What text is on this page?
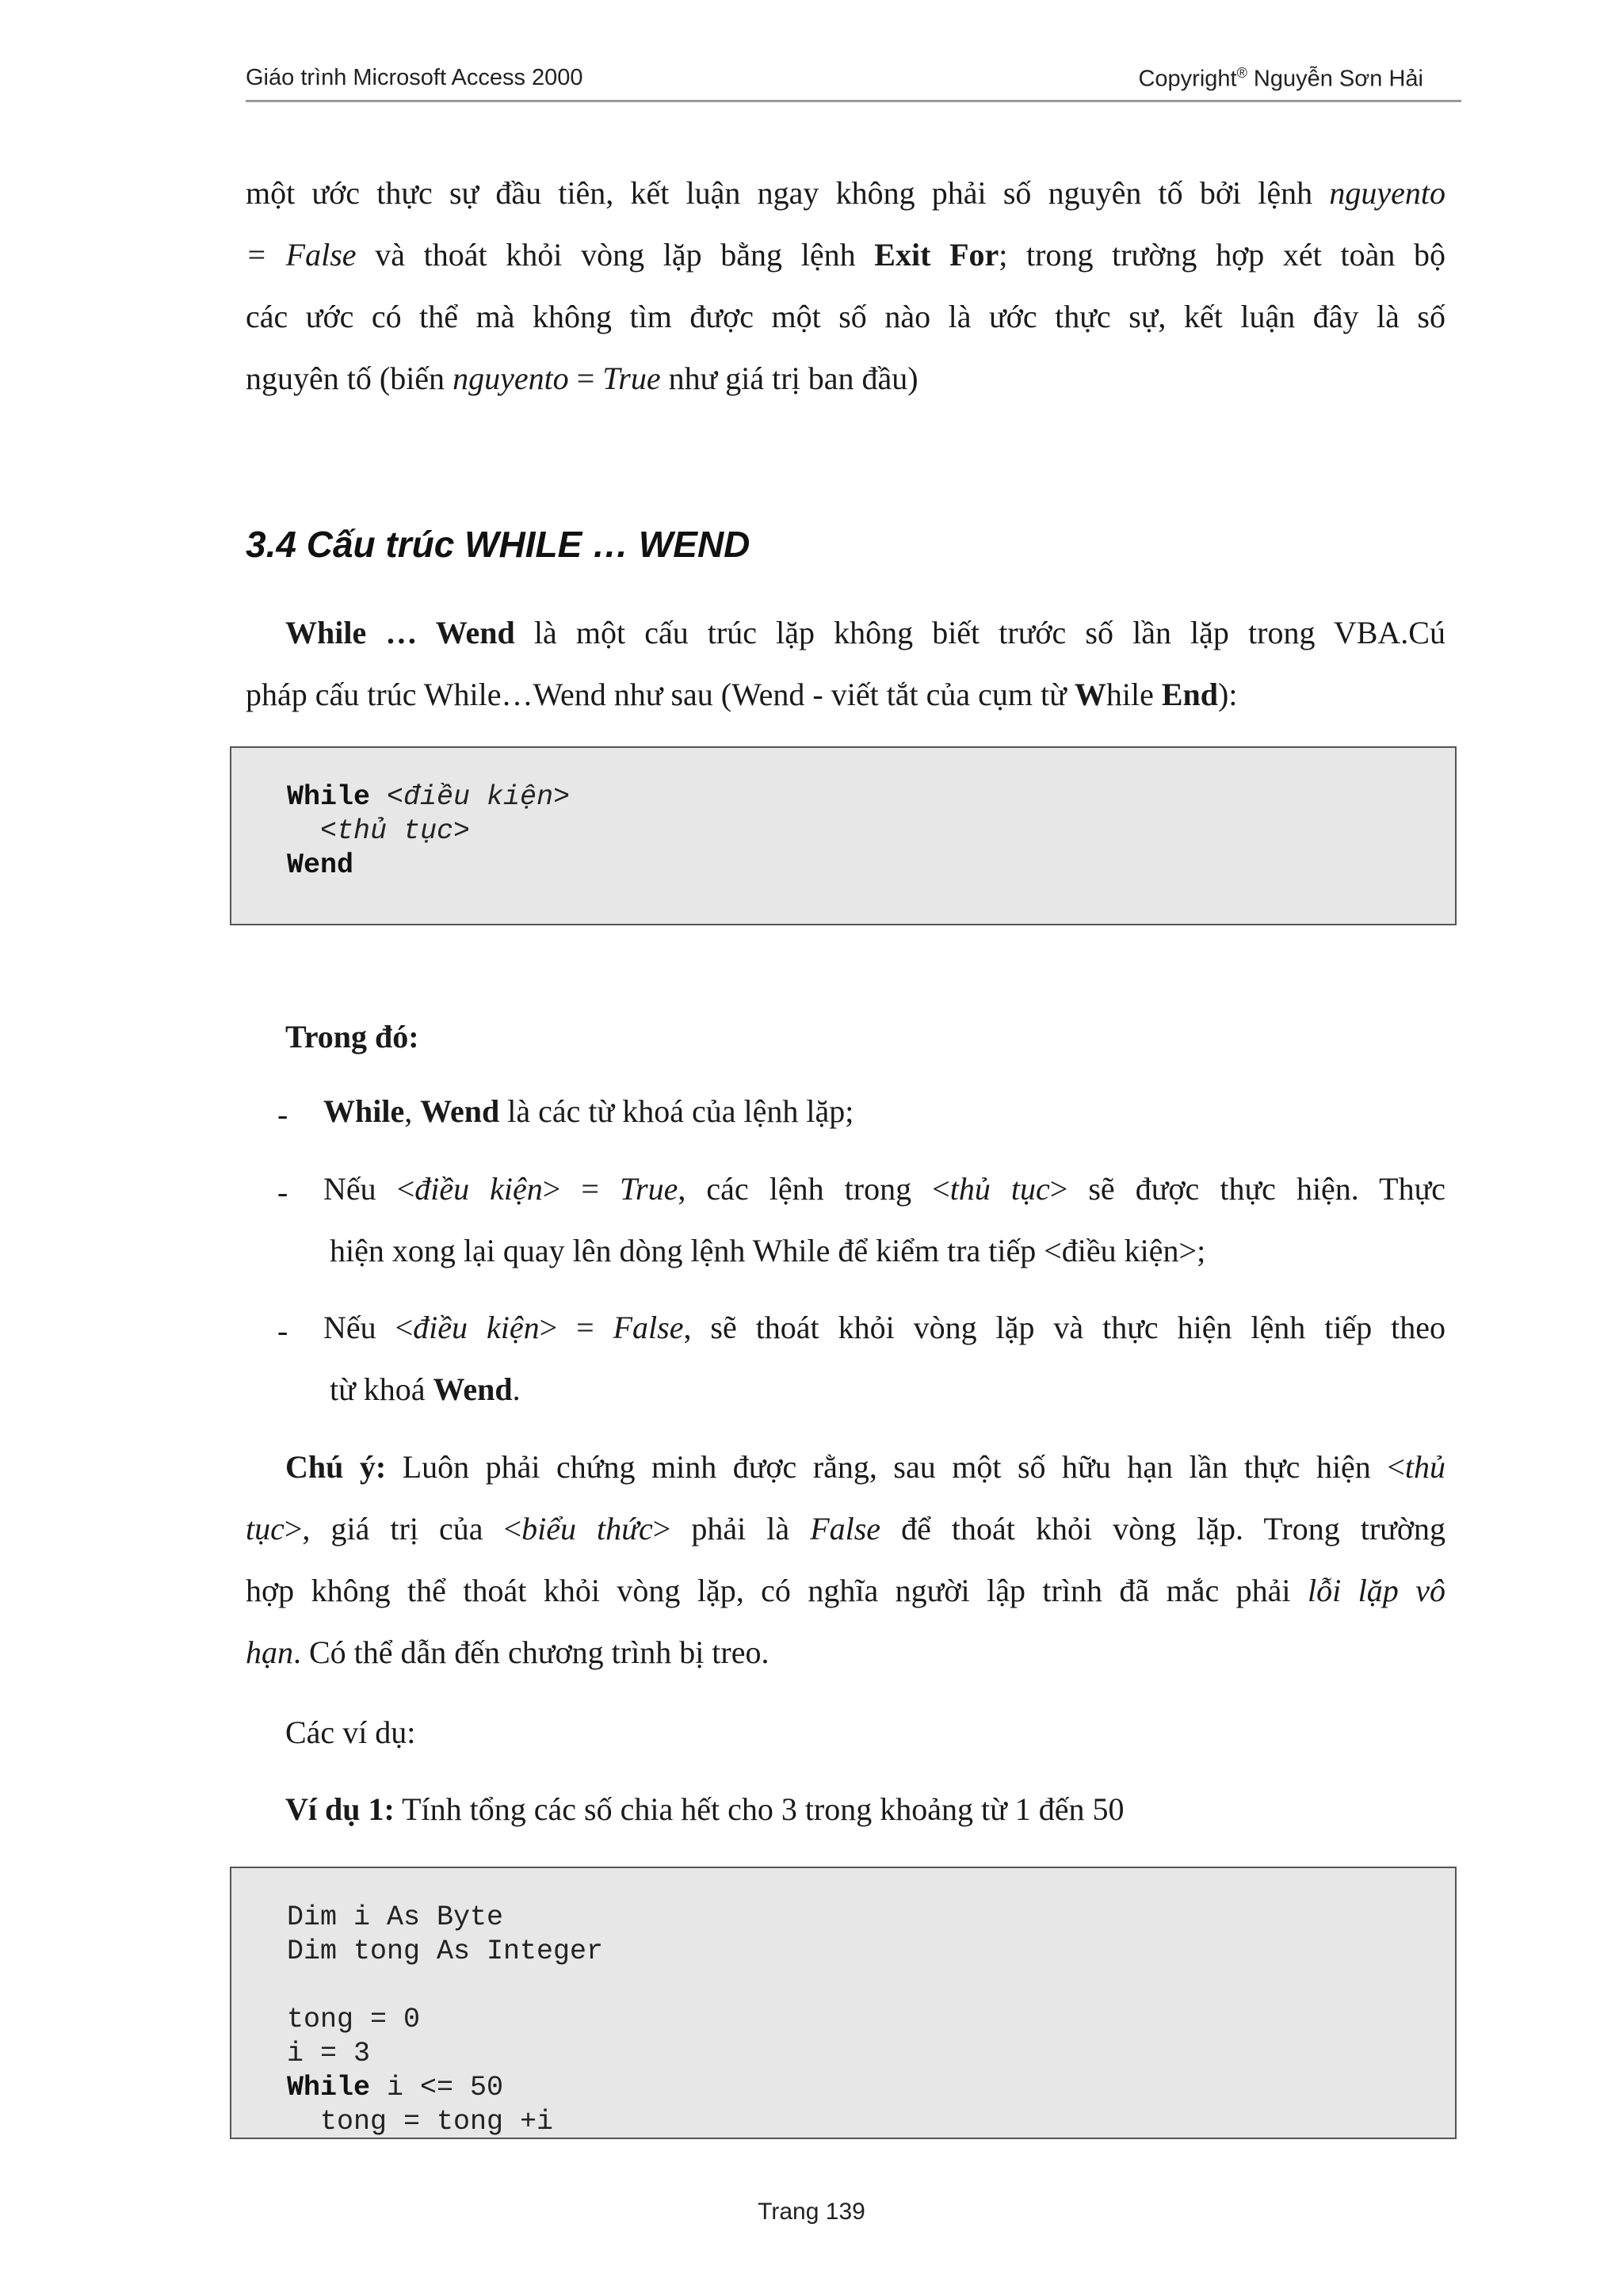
Giáo trình Microsoft Access 2000	Copyright® Nguyễn Sơn Hải
một ước thực sự đầu tiên, kết luận ngay không phải số nguyên tố bởi lệnh nguyento
= False và thoát khỏi vòng lặp bằng lệnh Exit For; trong trường hợp xét toàn bộ
các ước có thể mà không tìm được một số nào là ước thực sự, kết luận đây là số
nguyên tố (biến nguyento = True như giá trị ban đầu)
3.4 Cấu trúc WHILE … WEND
While … Wend là một cấu trúc lặp không biết trước số lần lặp trong VBA.Cú
pháp cấu trúc While…Wend như sau (Wend - viết tắt của cụm từ While End):
While <điều kiện>
<thủ tục>
Wend
Trong đó:
- While, Wend là các từ khoá của lệnh lặp;
- Nếu <điều kiện> = True, các lệnh trong <thủ tục> sẽ được thực hiện. Thực
hiện xong lại quay lên dòng lệnh While để kiểm tra tiếp <điều kiện>;
- Nếu <điều kiện> = False, sẽ thoát khỏi vòng lặp và thực hiện lệnh tiếp theo
từ khoá Wend.
Chú ý: Luôn phải chứng minh được rằng, sau một số hữu hạn lần thực hiện <thủ
tục>, giá trị của <biểu thức> phải là False để thoát khỏi vòng lặp. Trong trường
hợp không thể thoát khỏi vòng lặp, có nghĩa người lập trình đã mắc phải lỗi lặp vô
hạn. Có thể dẫn đến chương trình bị treo.
Các ví dụ:
Ví dụ 1: Tính tổng các số chia hết cho 3 trong khoảng từ 1 đến 50
Dim i As Byte
Dim tong As Integer
tong = 0
i = 3
While i <= 50
tong = tong +i
Trang 139
